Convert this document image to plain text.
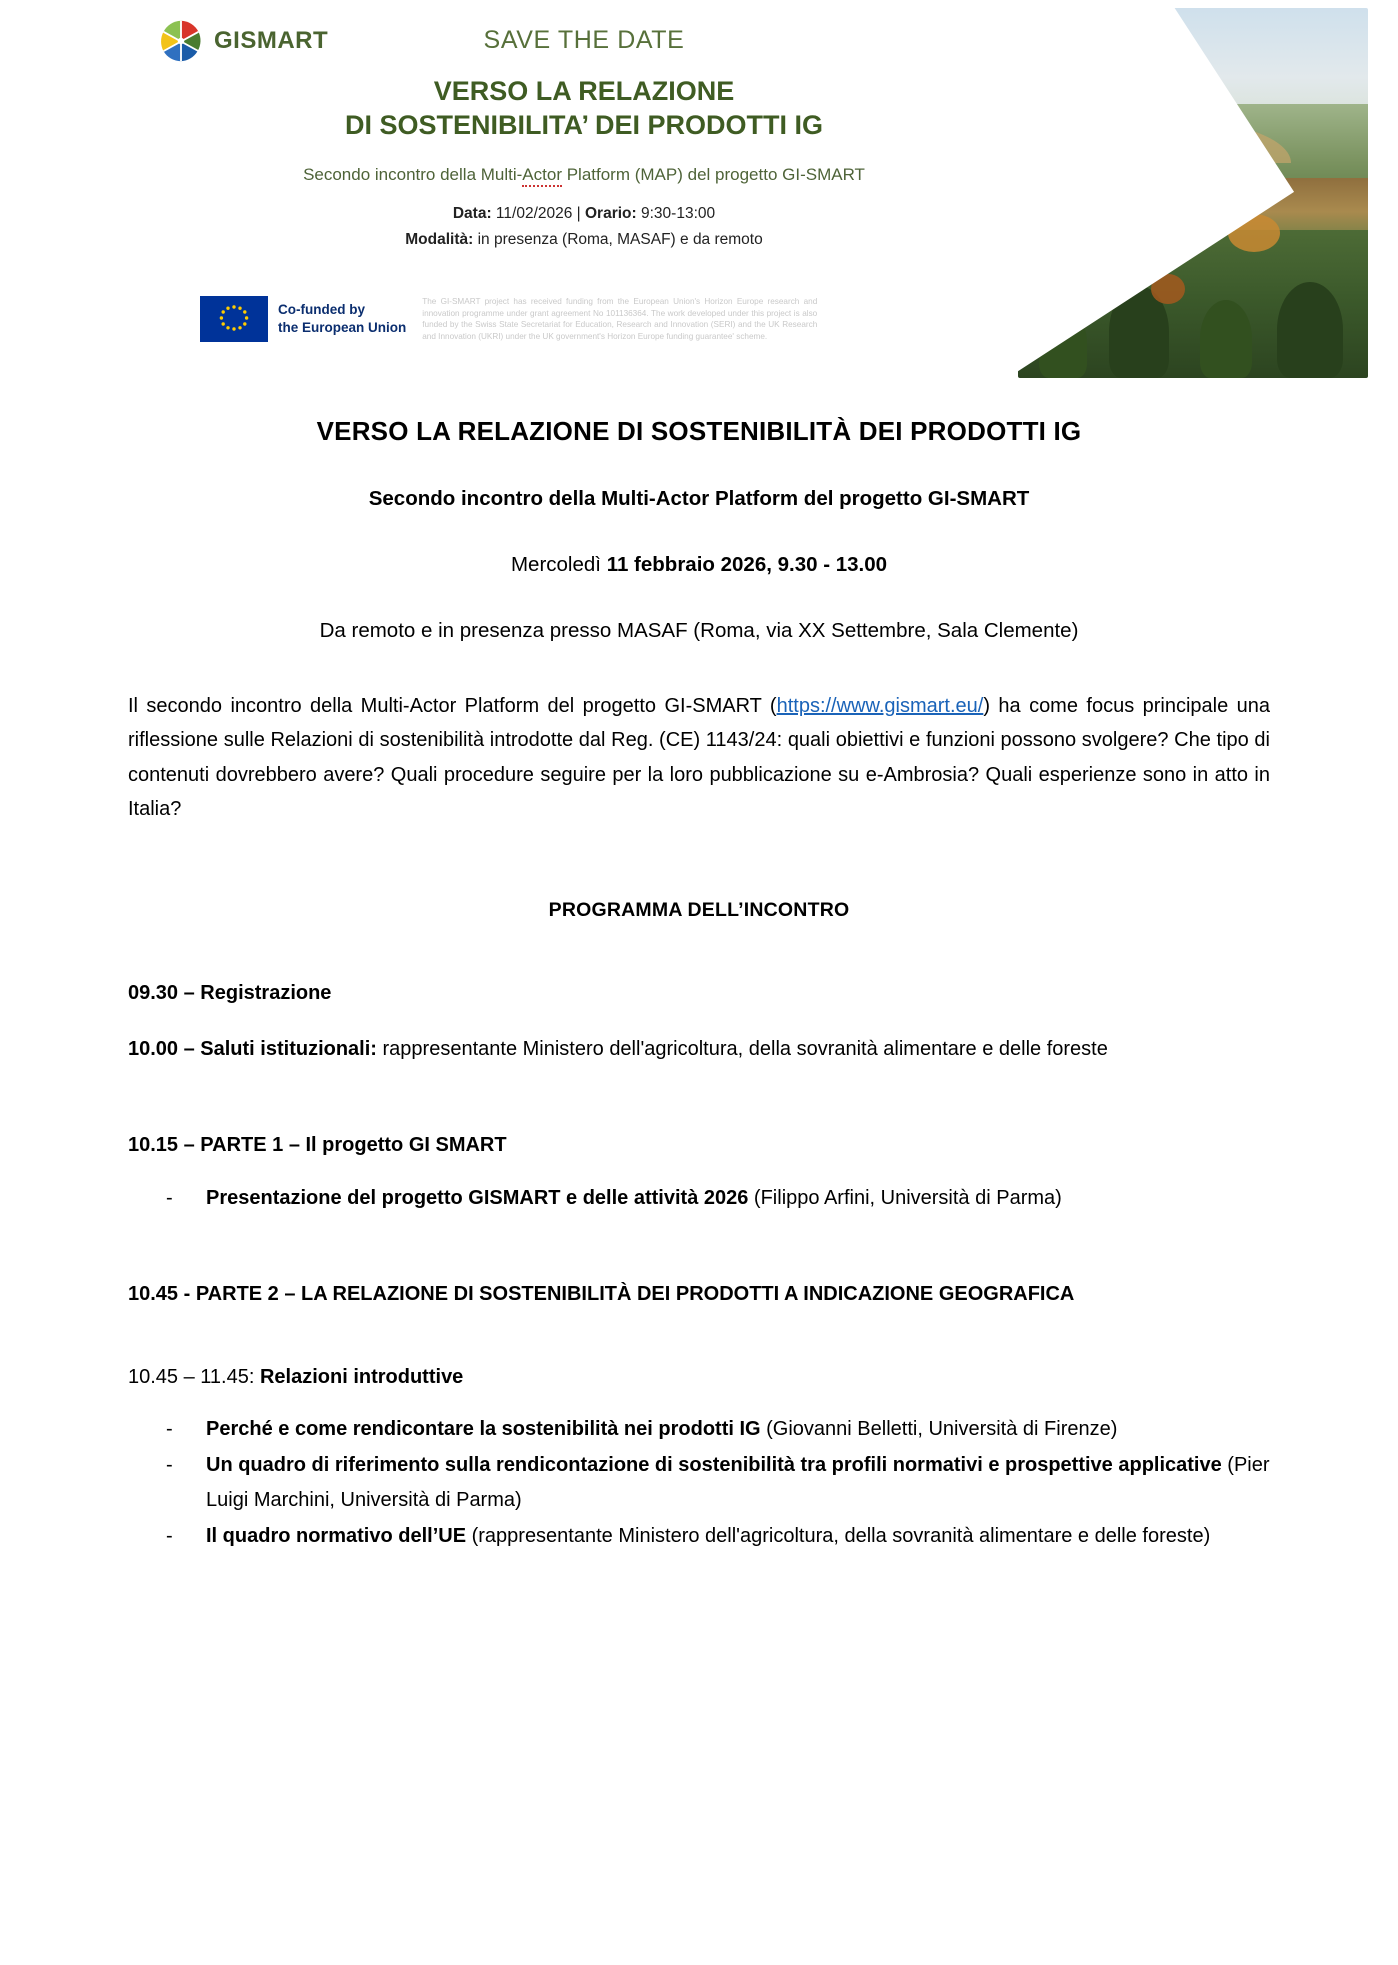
GISMART	SAVE THE DATE
VERSO LA RELAZIONE
DI SOSTENIBILITA’ DEI PRODOTTI IG
Secondo incontro della Multi-Actor Platform (MAP) del progetto GI-SMART
Data: 11/02/2026 | Orario: 9:30-13:00
Modalità: in presenza (Roma, MASAF) e da remoto
Co-funded by
the European Union
The GI-SMART project has received funding from the European Union's Horizon Europe research and innovation programme under grant agreement No 101136364. The work developed under this project is also funded by the Swiss State Secretariat for Education, Research and Innovation (SERI) and the UK Research and Innovation (UKRI) under the UK government's Horizon Europe funding guarantee' scheme.
VERSO LA RELAZIONE DI SOSTENIBILITÀ DEI PRODOTTI IG
Secondo incontro della Multi-Actor Platform del progetto GI-SMART
Mercoledì 11 febbraio 2026, 9.30 - 13.00
Da remoto e in presenza presso MASAF (Roma, via XX Settembre, Sala Clemente)
Il secondo incontro della Multi-Actor Platform del progetto GI-SMART (https://www.gismart.eu/) ha come focus principale una riflessione sulle Relazioni di sostenibilità introdotte dal Reg. (CE) 1143/24: quali obiettivi e funzioni possono svolgere? Che tipo di contenuti dovrebbero avere? Quali procedure seguire per la loro pubblicazione su e-Ambrosia? Quali esperienze sono in atto in Italia?
PROGRAMMA DELL’INCONTRO
09.30 – Registrazione
10.00 – Saluti istituzionali: rappresentante Ministero dell'agricoltura, della sovranità alimentare e delle foreste
10.15 – PARTE 1 – Il progetto GI SMART
- Presentazione del progetto GISMART e delle attività 2026 (Filippo Arfini, Università di Parma)
10.45 - PARTE 2 – LA RELAZIONE DI SOSTENIBILITÀ DEI PRODOTTI A INDICAZIONE GEOGRAFICA
10.45 – 11.45: Relazioni introduttive
- Perché e come rendicontare la sostenibilità nei prodotti IG (Giovanni Belletti, Università di Firenze)
- Un quadro di riferimento sulla rendicontazione di sostenibilità tra profili normativi e prospettive applicative (Pier Luigi Marchini, Università di Parma)
- Il quadro normativo dell’UE (rappresentante Ministero dell'agricoltura, della sovranità alimentare e delle foreste)
